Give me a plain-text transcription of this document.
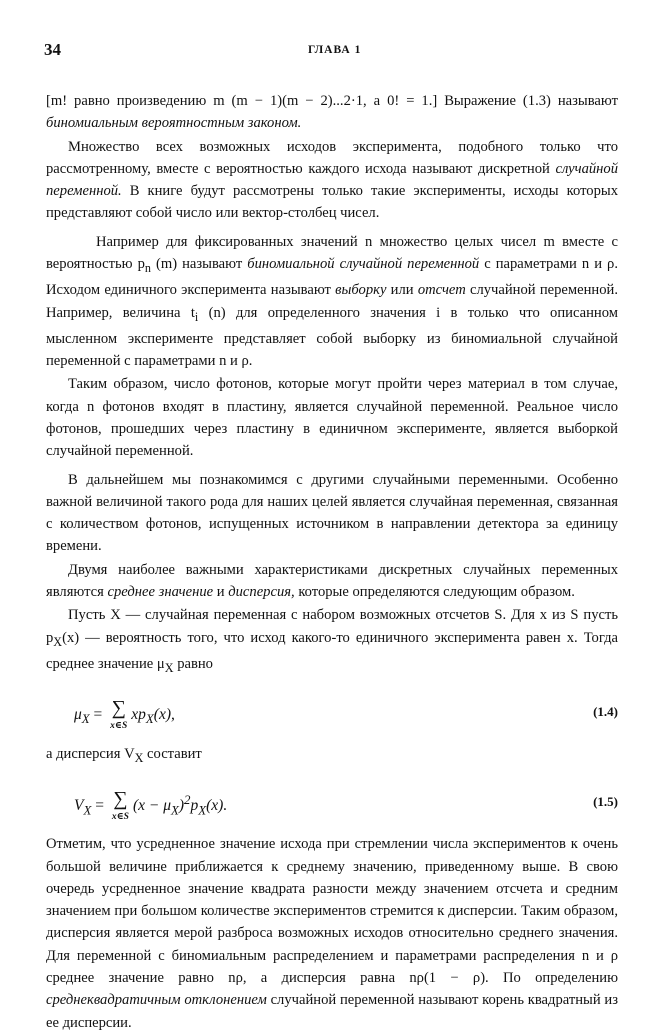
34	ГЛАВА 1

[m! равно произведению m (m − 1)(m − 2)...2·1, а 0! = 1.] Выражение (1.3) называют биномиальным вероятностным законом.

Множество всех возможных исходов эксперимента, подобного только что рассмотренному, вместе с вероятностью каждого исхода называют дискретной случайной переменной. В книге будут рассмотрены только такие эксперименты, исходы которых представляют собой число или вектор-столбец чисел.

Например для фиксированных значений n множество целых чисел m вместе с вероятностью $p_n$ (m) называют биномиальной случайной переменной с параметрами n и ρ. Исходом единичного эксперимента называют выборку или отсчет случайной переменной. Например, величина $t_i$ (n) для определенного значения i в только что описанном мысленном эксперименте представляет собой выборку из биномиальной случайной переменной с параметрами n и ρ.

Таким образом, число фотонов, которые могут пройти через материал в том случае, когда n фотонов входят в пластину, является случайной переменной. Реальное число фотонов, прошедших через пластину в единичном эксперименте, является выборкой случайной переменной.

В дальнейшем мы познакомимся с другими случайными переменными. Особенно важной величиной такого рода для наших целей является случайная переменная, связанная с количеством фотонов, испущенных источником в направлении детектора за единицу времени.

Двумя наиболее важными характеристиками дискретных случайных переменных являются среднее значение и дисперсия, которые определяются следующим образом.

Пусть X — случайная переменная с набором возможных отсчетов S. Для x из S пусть $p_X(x)$ — вероятность того, что исход какого-то единичного эксперимента равен x. Тогда среднее значение $\mu_X$ равно

$\mu_X$ = ∑
x∈S
$xp_X(x)$,	(1.4)

а дисперсия $V_X$ составит

$V_X$ = ∑
x∈S
$(x - \mu_X)^2p_X(x)$.	(1.5)

Отметим, что усредненное значение исхода при стремлении числа экспериментов к очень большой величине приближается к среднему значению, приведенному выше. В свою очередь усредненное значение квадрата разности между значением отсчета и средним значением при большом количестве экспериментов стремится к дисперсии. Таким образом, дисперсия является мерой разброса возможных исходов относительно среднего значения. Для переменной с биномиальным распределением и параметрами распределения n и ρ среднее значение равно nρ, а дисперсия равна nρ(1 − ρ). По определению среднеквадратичным отклонением случайной переменной называют корень квадратный из ее дисперсии.
